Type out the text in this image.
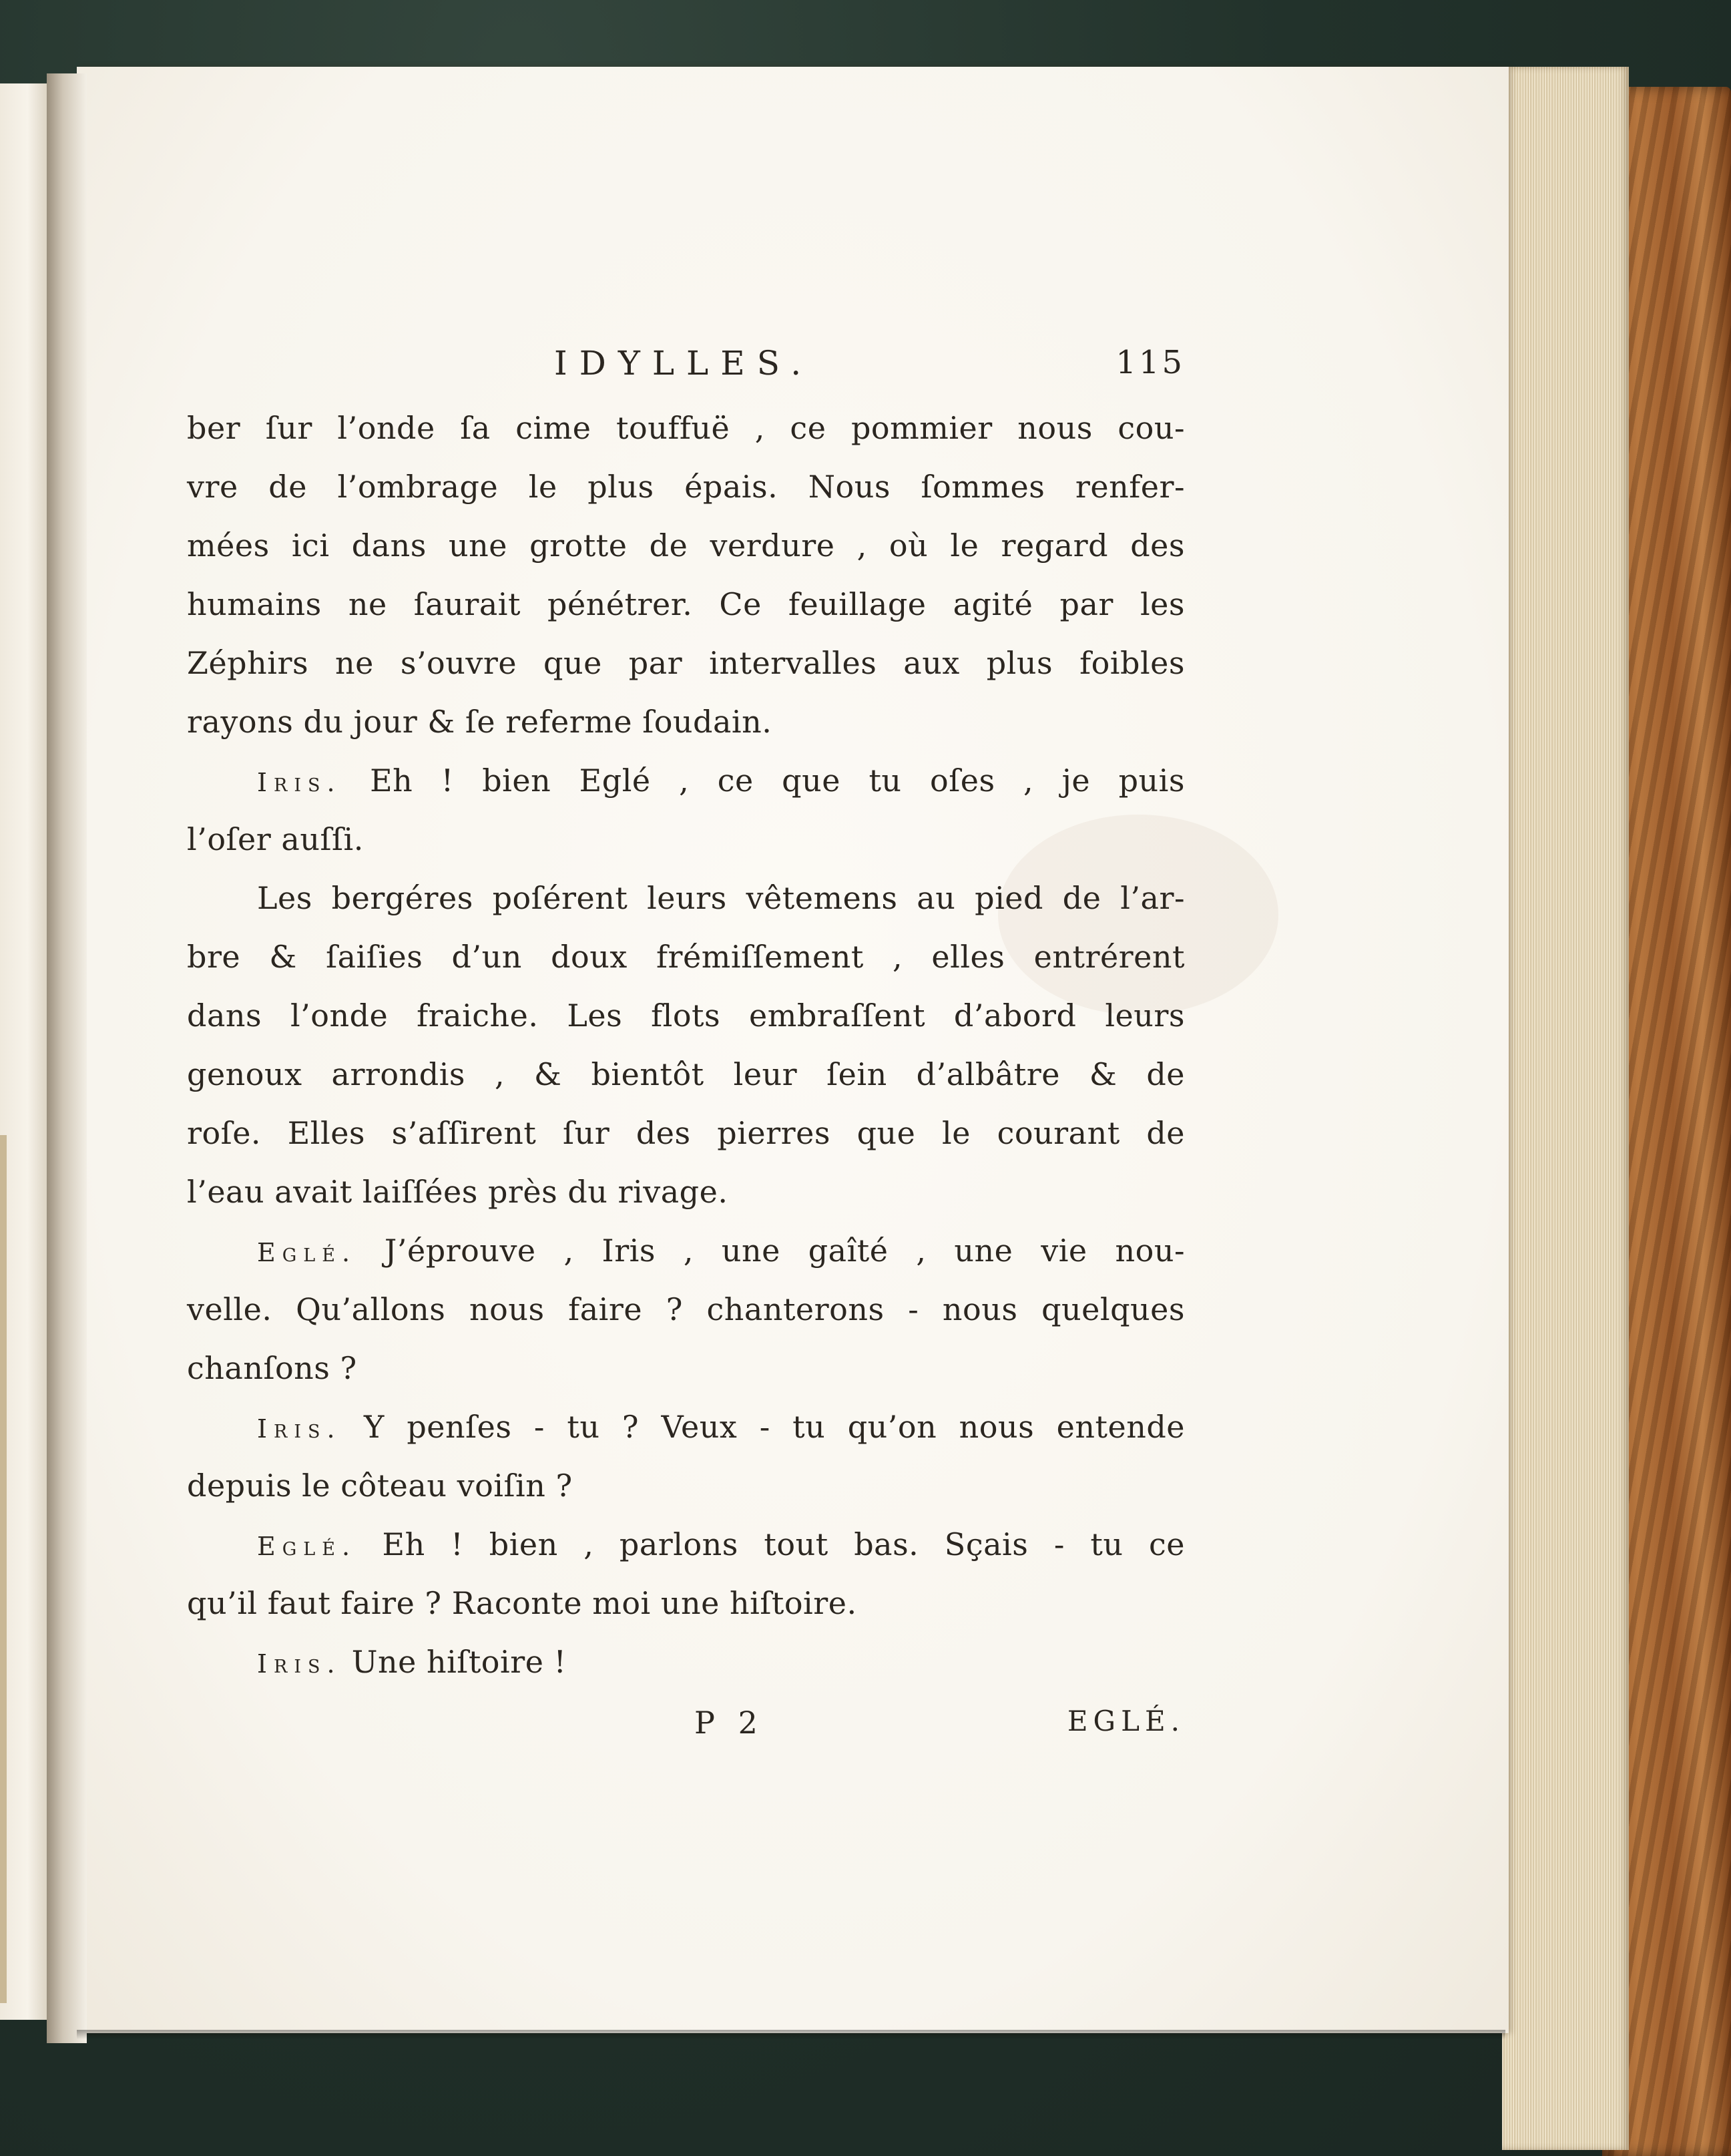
IDYLLES.	115
ber ſur l’onde ſa cime touffuë , ce pommier nous cou-
vre de l’ombrage le plus épais. Nous ſommes renfer-
mées ici dans une grotte de verdure , où le regard des
humains ne ſaurait pénétrer. Ce feuillage agité par les
Zéphirs ne s’ouvre que par intervalles aux plus foibles
rayons du jour & ſe referme ſoudain.
Iris. Eh ! bien Eglé , ce que tu oſes , je puis
l’oſer auſſi.
Les bergéres poſérent leurs vêtemens au pied de l’ar-
bre & ſaiſies d’un doux frémiſſement , elles entrérent
dans l’onde fraiche. Les flots embraſſent d’abord leurs
genoux arrondis , & bientôt leur ſein d’albâtre & de
roſe. Elles s’aſſirent ſur des pierres que le courant de
l’eau avait laiſſées près du rivage.
Eglé. J’éprouve , Iris , une gaîté , une vie nou-
velle. Qu’allons nous faire ? chanterons - nous quelques
chanſons ?
Iris. Y penſes - tu ? Veux - tu qu’on nous entende
depuis le côteau voiſin ?
Eglé. Eh ! bien , parlons tout bas. Sçais - tu ce
qu’il faut faire ? Raconte moi une hiſtoire.
Iris. Une hiſtoire !
P 2	EGLÉ.
